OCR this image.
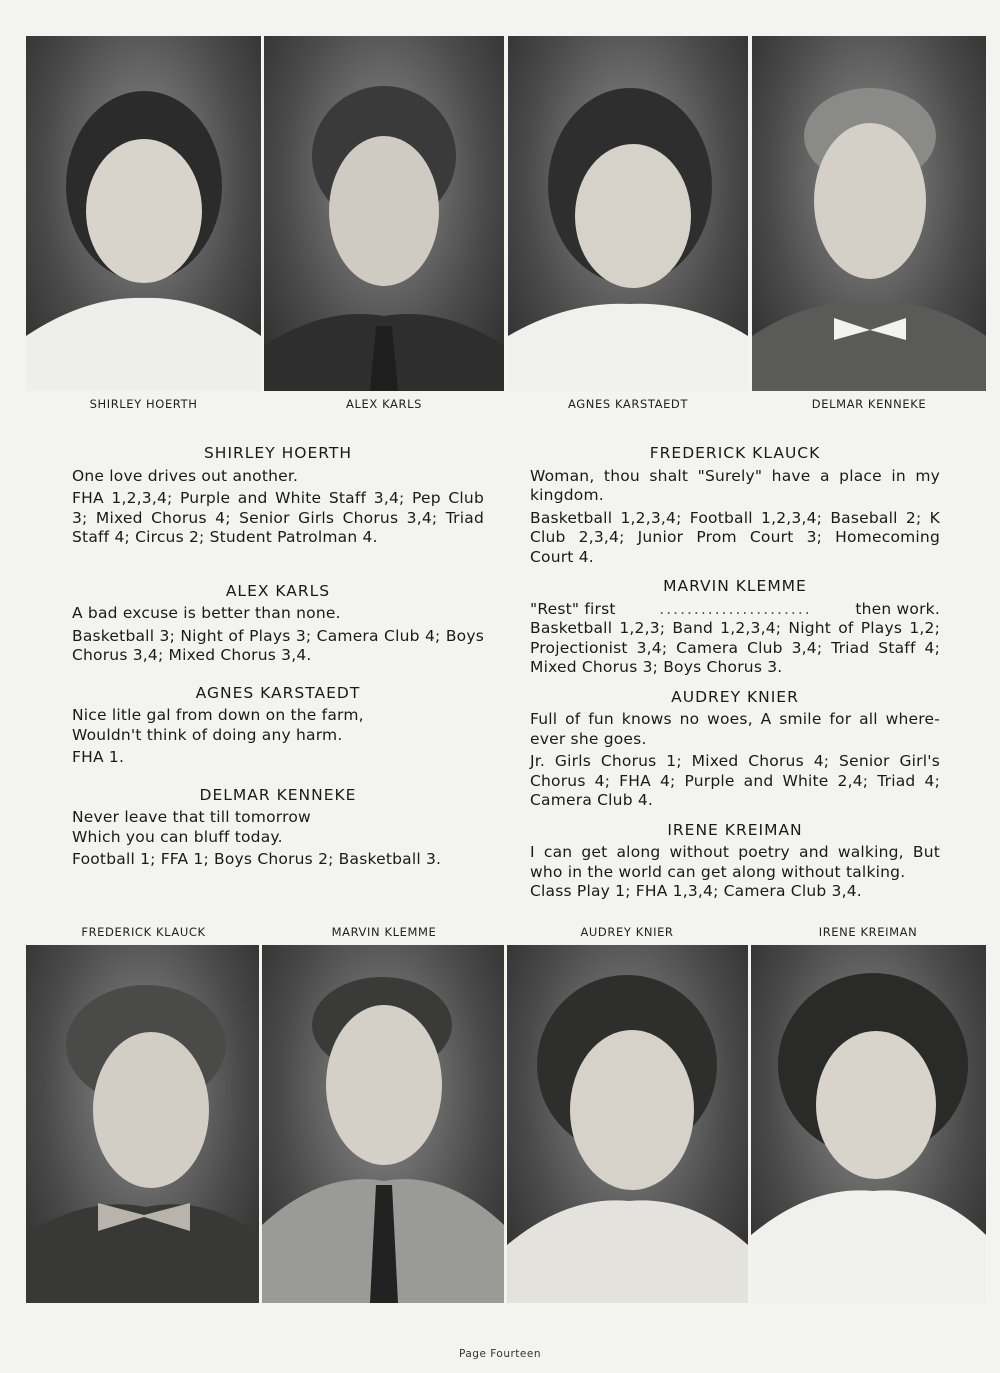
SHIRLEY HOERTH	ALEX KARLS	AGNES KARSTAEDT	DELMAR KENNEKE
SHIRLEY HOERTH
One love drives out another.
FHA 1,2,3,4; Purple and White Staff 3,4; Pep Club 3; Mixed Chorus 4; Senior Girls Chorus 3,4; Triad Staff 4; Circus 2; Student Patrolman 4.
ALEX KARLS
A bad excuse is better than none.
Basketball 3; Night of Plays 3; Camera Club 4; Boys Chorus 3,4; Mixed Chorus 3,4.
AGNES KARSTAEDT
Nice litle gal from down on the farm,
Wouldn't think of doing any harm.
FHA 1.
DELMAR KENNEKE
Never leave that till tomorrow
Which you can bluff today.
Football 1; FFA 1; Boys Chorus 2; Basketball 3.
FREDERICK KLAUCK
Woman, thou shalt "Surely" have a place in my kingdom.
Basketball 1,2,3,4; Football 1,2,3,4; Baseball 2; K Club 2,3,4; Junior Prom Court 3; Homecoming Court 4.
MARVIN KLEMME
"Rest" first	......................	then work.
Basketball 1,2,3; Band 1,2,3,4; Night of Plays 1,2; Projectionist 3,4; Camera Club 3,4; Triad Staff 4; Mixed Chorus 3; Boys Chorus 3.
AUDREY KNIER
Full of fun knows no woes, A smile for all where-ever she goes.
Jr. Girls Chorus 1; Mixed Chorus 4; Senior Girl's Chorus 4; FHA 4; Purple and White 2,4; Triad 4; Camera Club 4.
IRENE KREIMAN
I can get along without poetry and walking, But who in the world can get along without talking.
Class Play 1; FHA 1,3,4; Camera Club 3,4.
FREDERICK KLAUCK	MARVIN KLEMME	AUDREY KNIER	IRENE KREIMAN
Page Fourteen
